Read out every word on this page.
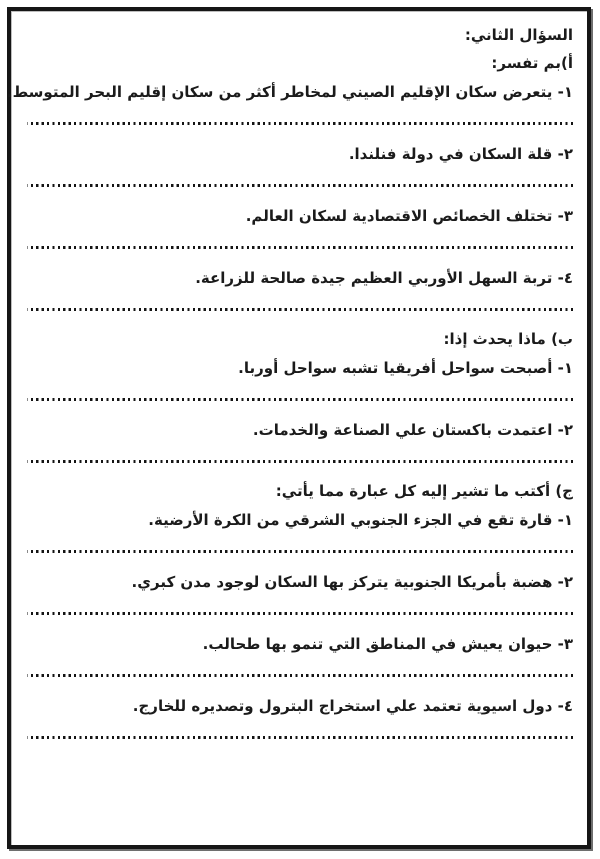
السؤال الثاني:
أ)بم تفسر:
١- يتعرض سكان الإقليم الصيني لمخاطر أكثر من سكان إقليم البحر المتوسط.
٢- قلة السكان في دولة فنلندا.
٣- تختلف الخصائص الاقتصادية لسكان العالم.
٤- تربة السهل الأوربي العظيم جيدة صالحة للزراعة.
ب) ماذا يحدث إذا:
١- أصبحت سواحل أفريقيا تشبه سواحل أوربا.
٢- اعتمدت باكستان علي الصناعة والخدمات.
ج) أكتب ما تشير إليه كل عبارة مما يأتي:
١- قارة تقع في الجزء الجنوبي الشرقي من الكرة الأرضية.
٢- هضبة بأمريكا الجنوبية يتركز بها السكان لوجود مدن كبري.
٣- حيوان يعيش في المناطق التي تنمو بها طحالب.
٤- دول اسيوية تعتمد علي استخراج البترول وتصديره للخارج.
